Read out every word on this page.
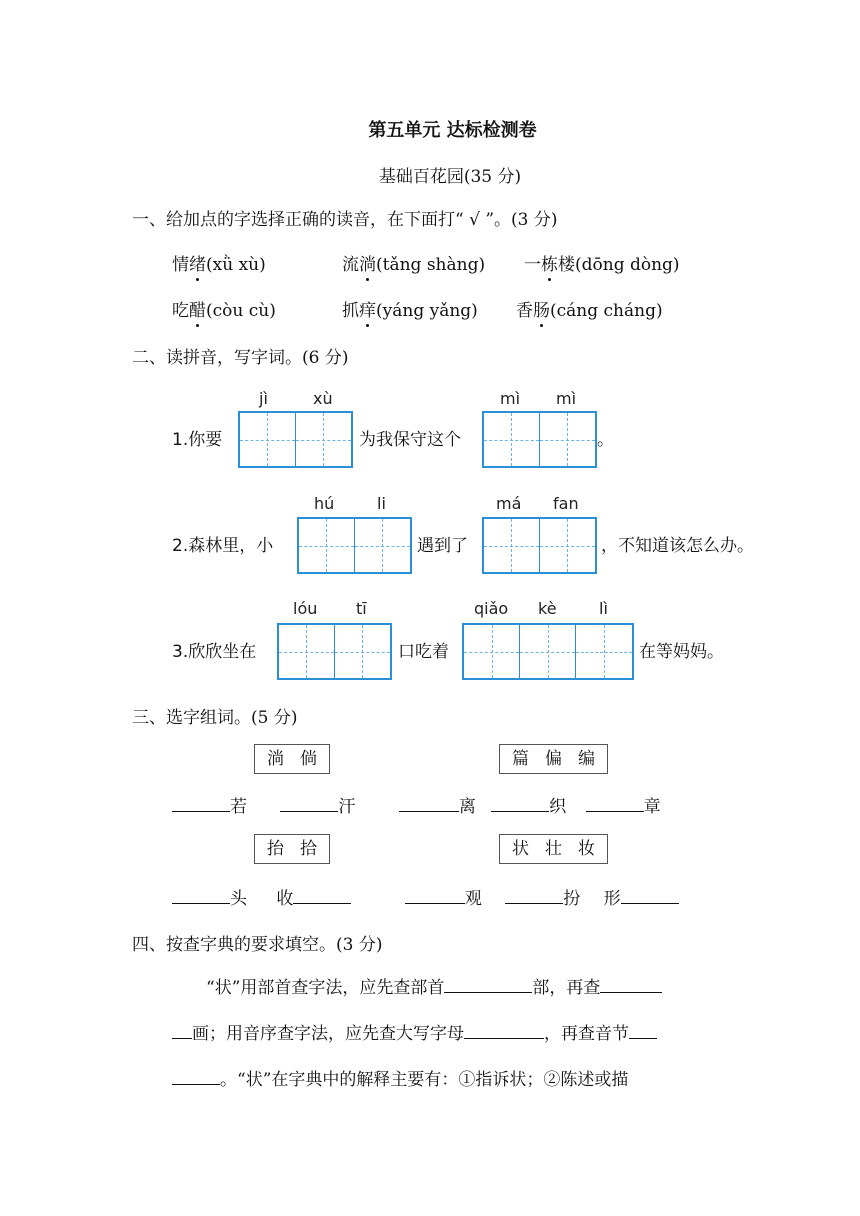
第五单元 达标检测卷
基础百花园(35 分)
一、给加点的字选择正确的读音，在下面打“ √ ”。(3 分)
情绪(xǜ xù)	流淌(tǎng shàng) 一栋楼(dōng dòng)
吃醋(còu cù)	抓痒(yáng yǎng) 香肠(cáng cháng)
二、读拼音，写字词。(6 分)
jì	xù	mì mì
1.你要	为我保守这个	。
hú	li	má fan
2.森林里，小	遇到了	，不知道该怎么办。
lóu tī	qiǎo kè	lì
3.欣欣坐在	口吃着	在等妈妈。
三、选字组词。(5 分)
淌 倘	篇 偏 编
若	汗	离	织	章
抬 拾	状 壮 妆
头 收	观	扮 形
四、按查字典的要求填空。(3 分)
“状”用部首查字法，应先查部首	部，再查
画；用音序查字法，应先查大写字母	，再查音节
。“状”在字典中的解释主要有：①指诉状；②陈述或描
